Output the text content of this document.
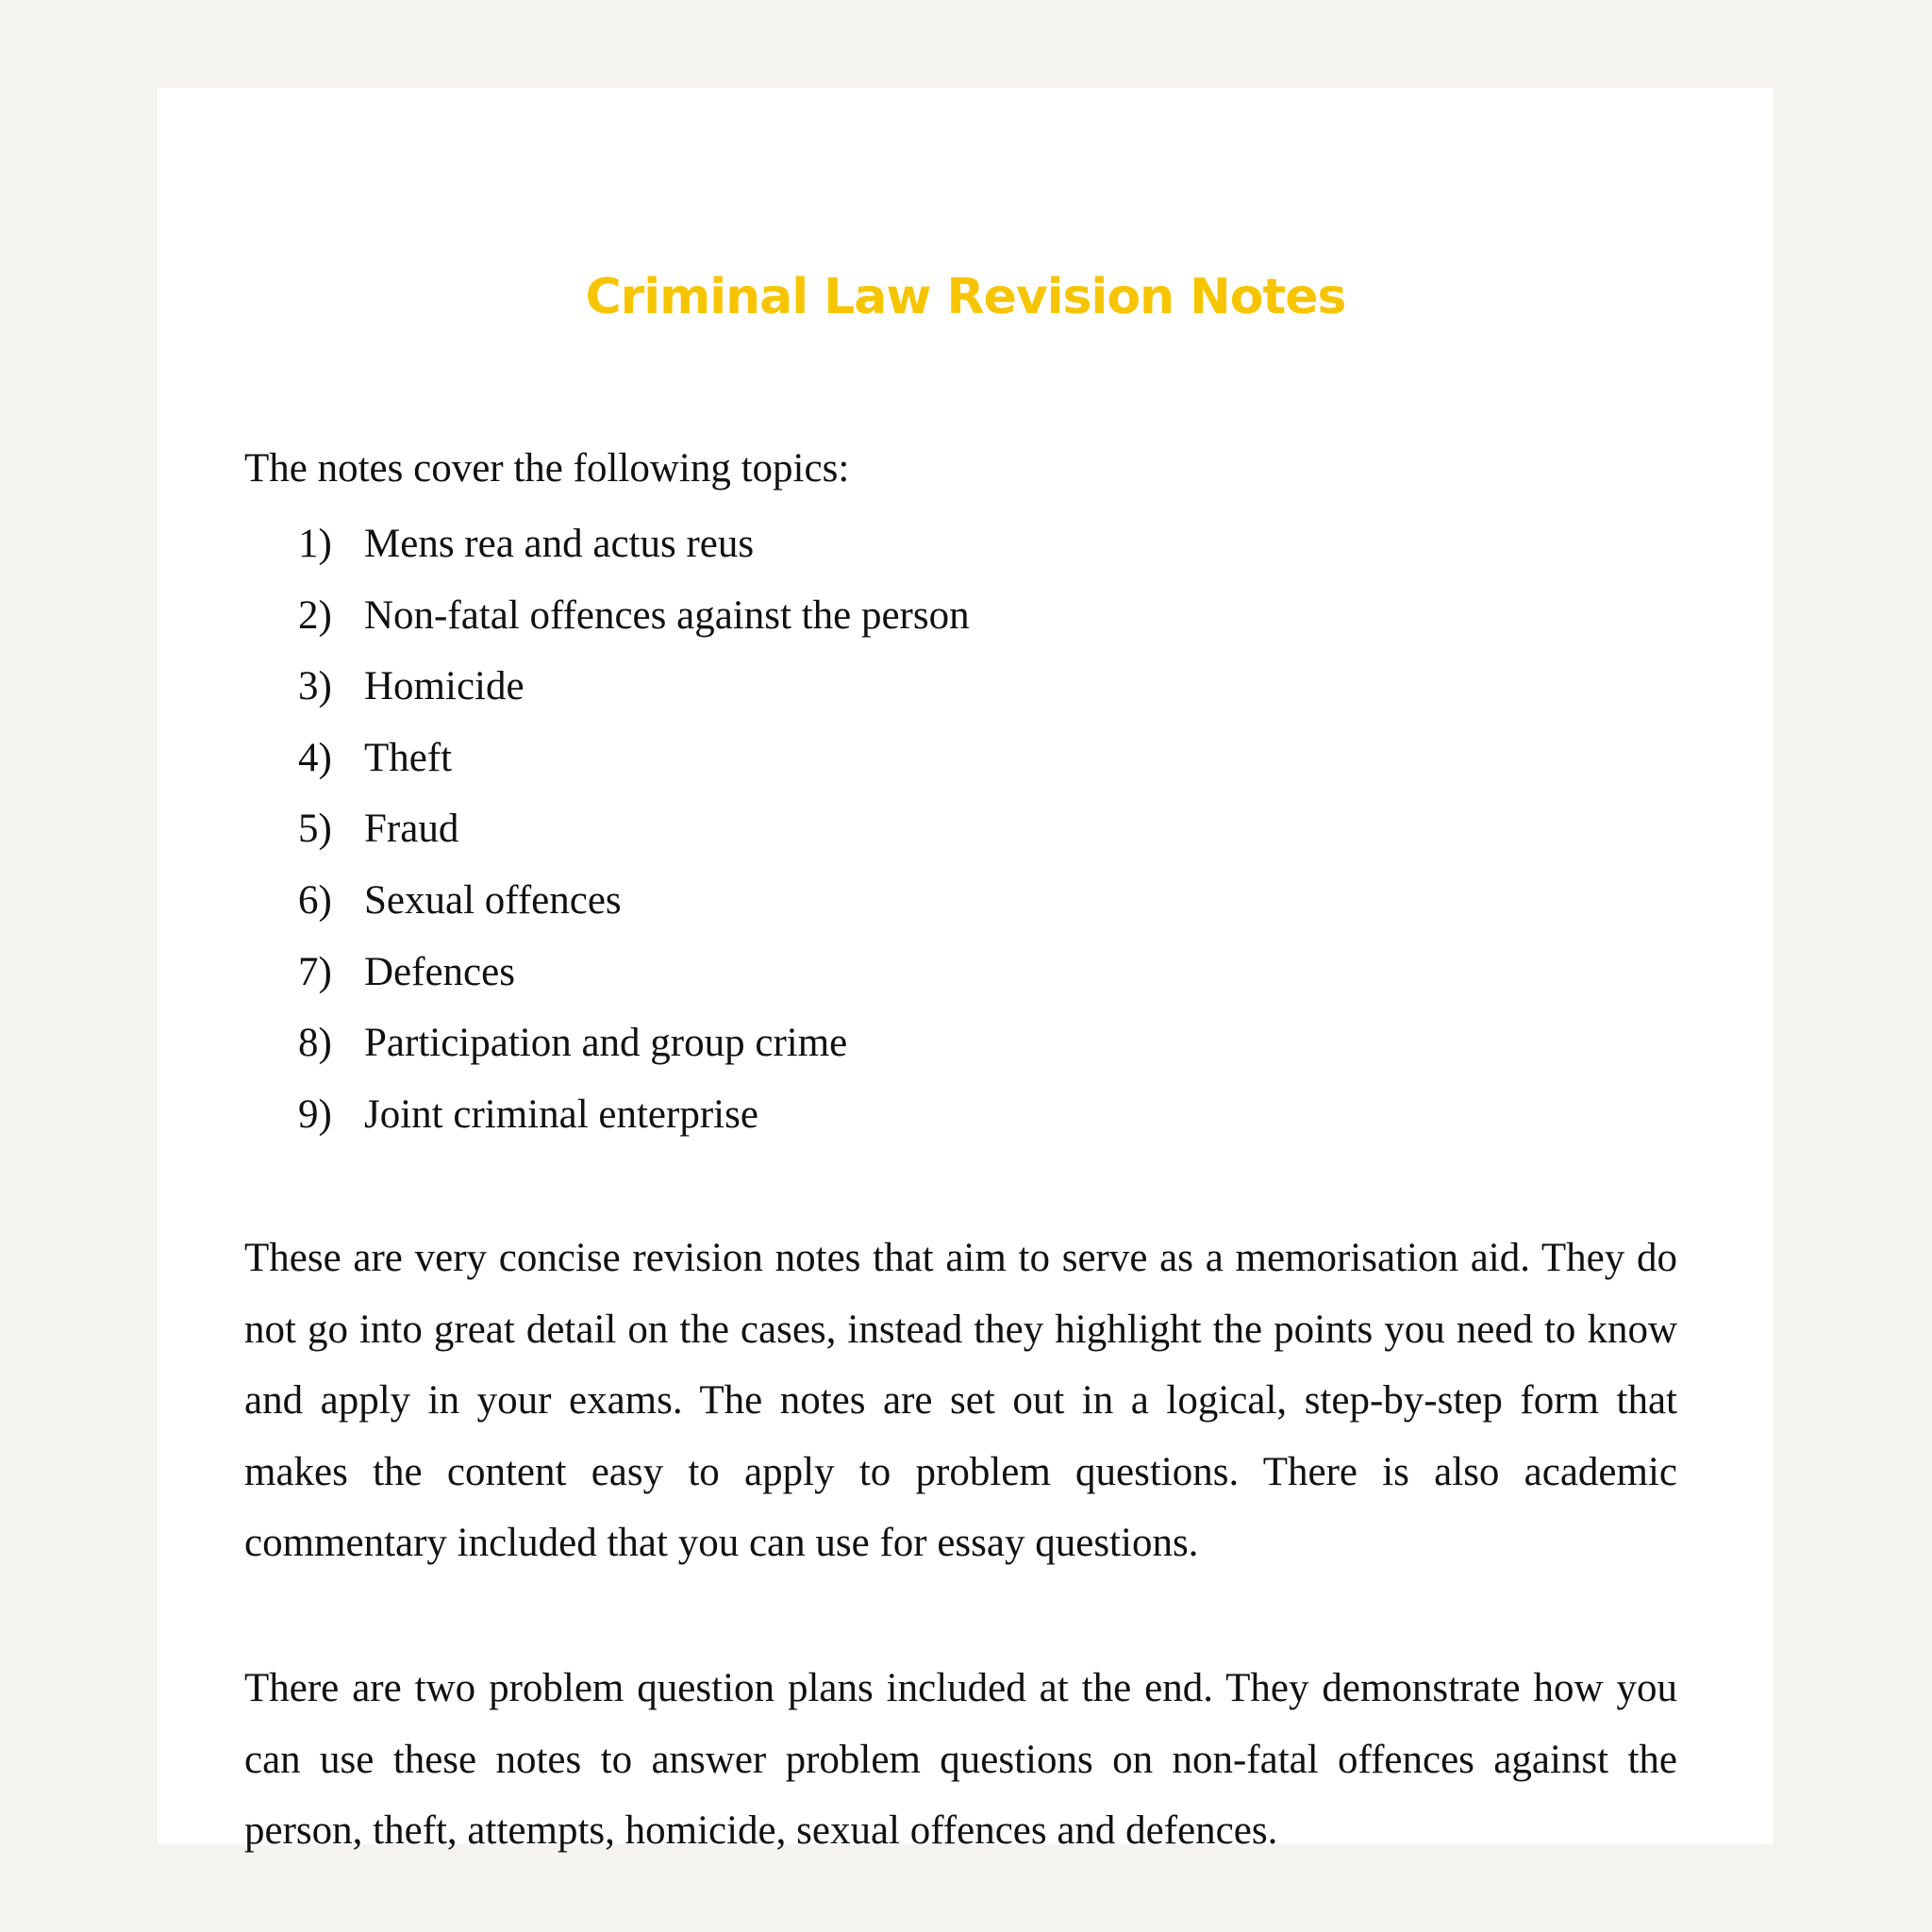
Criminal Law Revision Notes

The notes cover the following topics:

1) Mens rea and actus reus
2) Non-fatal offences against the person
3) Homicide
4) Theft
5) Fraud
6) Sexual offences
7) Defences
8) Participation and group crime
9) Joint criminal enterprise

These are very concise revision notes that aim to serve as a memorisation aid. They do not go into great detail on the cases, instead they highlight the points you need to know and apply in your exams. The notes are set out in a logical, step-by-step form that makes the content easy to apply to problem questions. There is also academic commentary included that you can use for essay questions.

There are two problem question plans included at the end. They demonstrate how you can use these notes to answer problem questions on non-fatal offences against the person, theft, attempts, homicide, sexual offences and defences.
